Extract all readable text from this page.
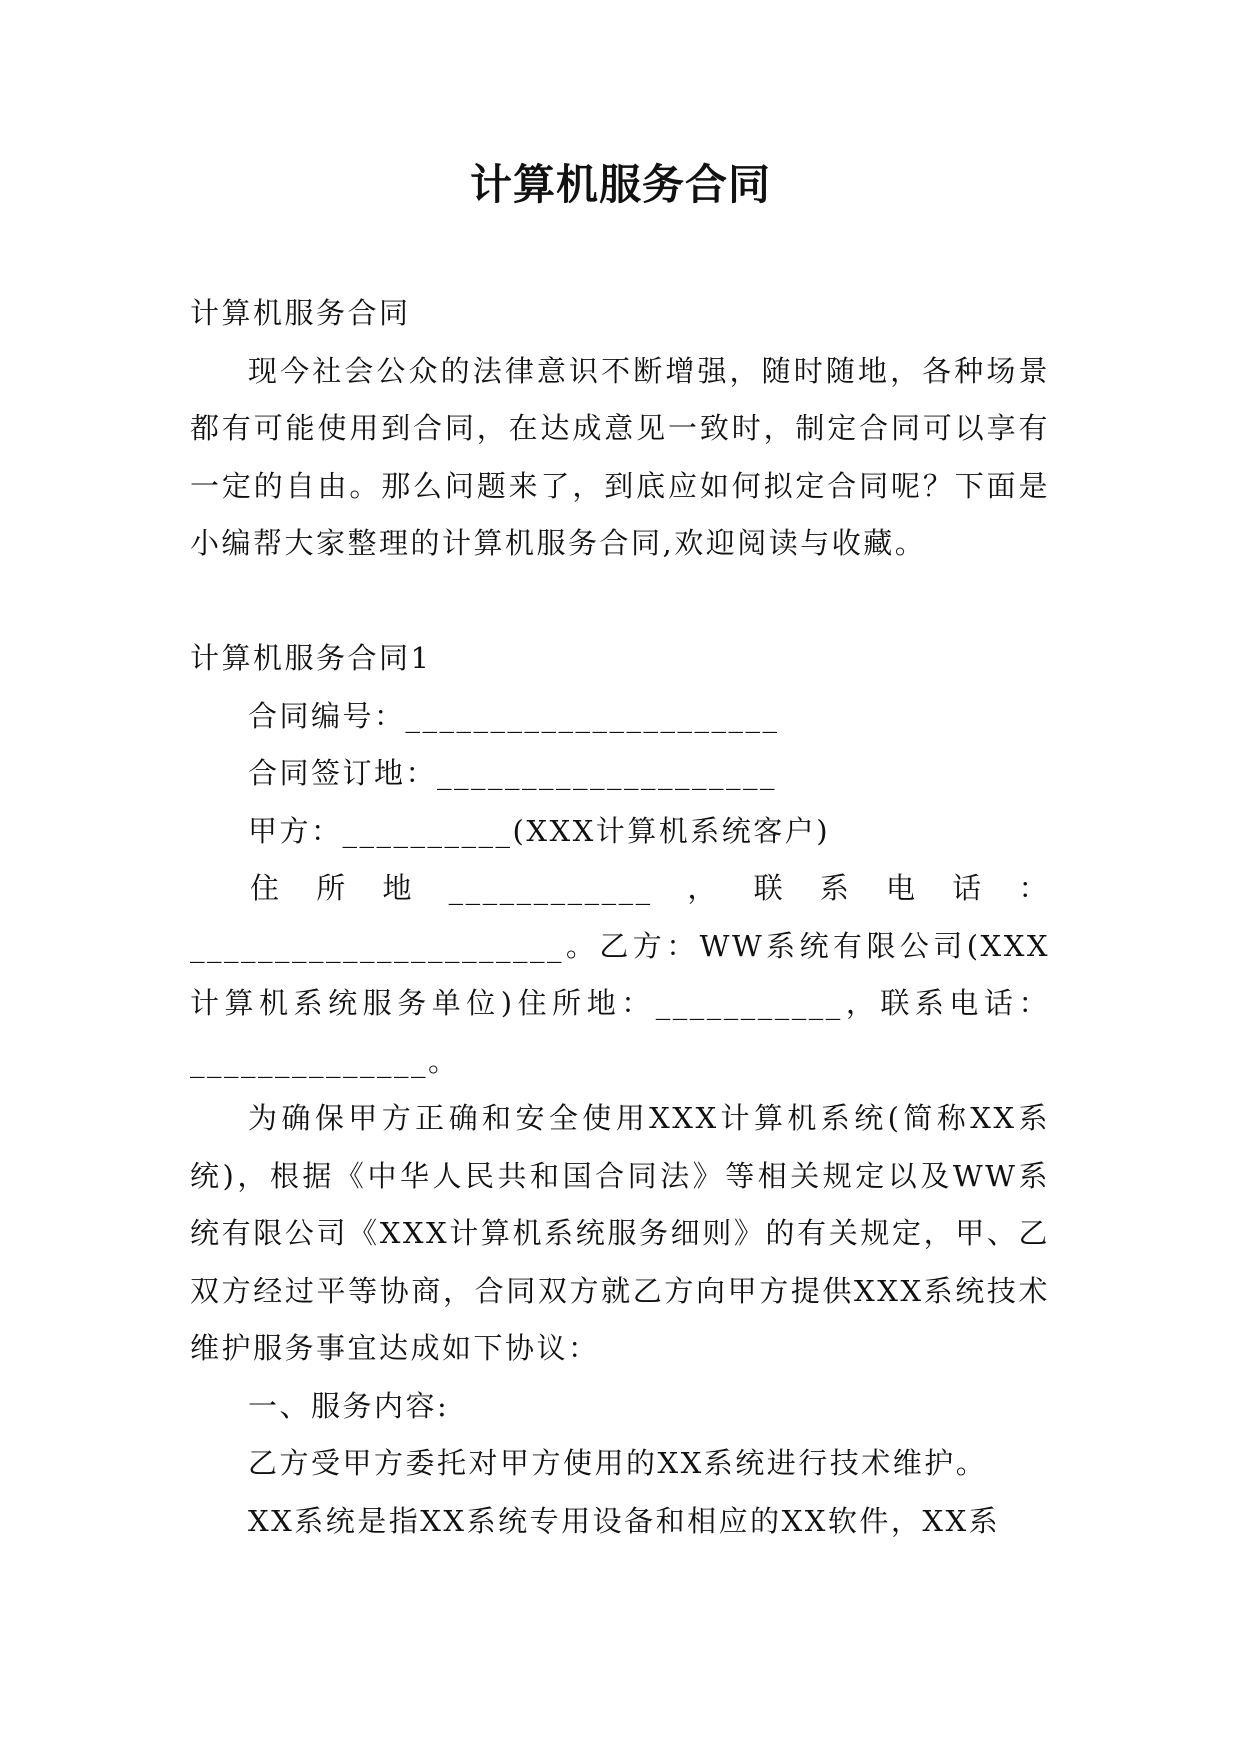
计算机服务合同

计算机服务合同

现今社会公众的法律意识不断增强，随时随地，各种场景都有可能使用到合同，在达成意见一致时，制定合同可以享有一定的自由。那么问题来了，到底应如何拟定合同呢？下面是小编帮大家整理的计算机服务合同,欢迎阅读与收藏。

计算机服务合同1

合同编号：______________________

合同签订地：____________________

甲方：__________(XXX计算机系统客户)

住所地____________，联系电话：

______________________。乙方：WW系统有限公司(XXX计算机系统服务单位)住所地：___________，联系电话：______________。

为确保甲方正确和安全使用XXX计算机系统(简称XX系统)，根据《中华人民共和国合同法》等相关规定以及WW系统有限公司《XXX计算机系统服务细则》的有关规定，甲、乙双方经过平等协商，合同双方就乙方向甲方提供XXX系统技术维护服务事宜达成如下协议：

一、服务内容:

乙方受甲方委托对甲方使用的XX系统进行技术维护。

XX系统是指XX系统专用设备和相应的XX软件，XX系
